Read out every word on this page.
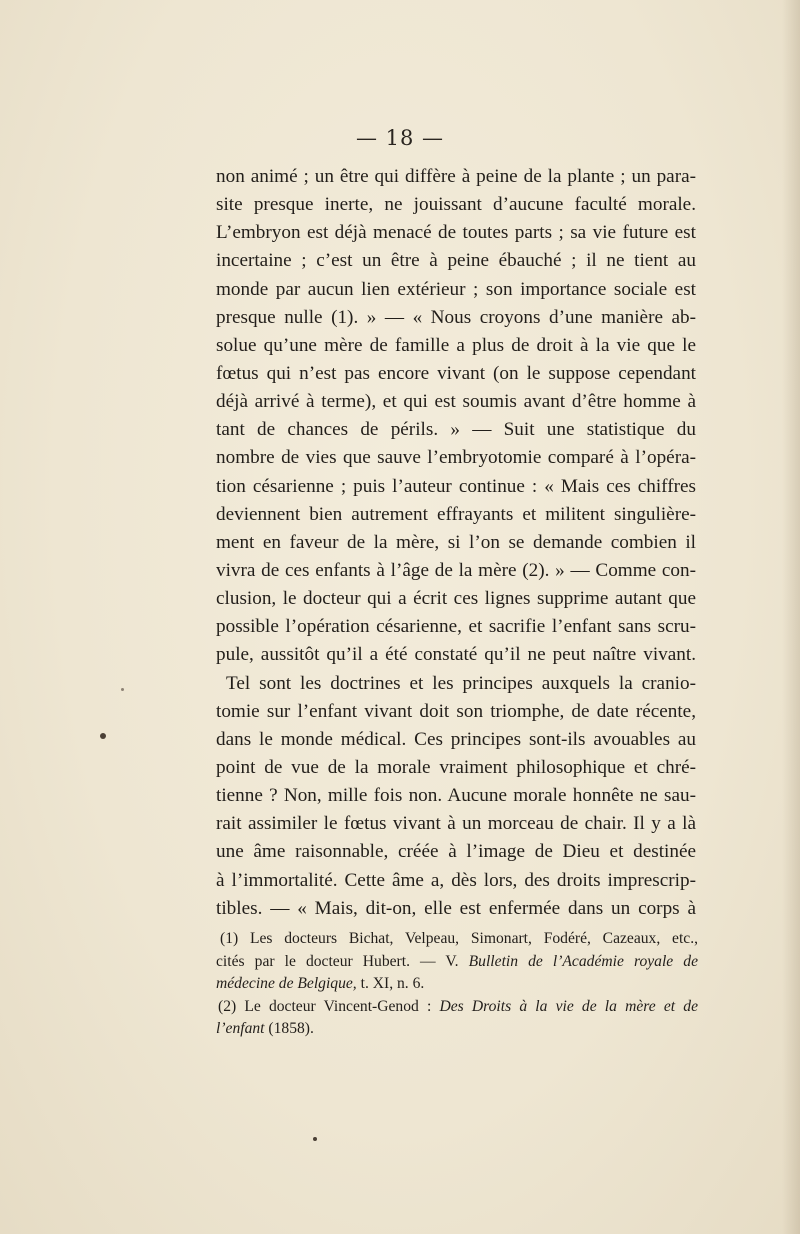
— 18 —
non animé ; un être qui diffère à peine de la plante ; un para-
site presque inerte, ne jouissant d’aucune faculté morale.
L’embryon est déjà menacé de toutes parts ; sa vie future est
incertaine ; c’est un être à peine ébauché ; il ne tient au
monde par aucun lien extérieur ; son importance sociale est
presque nulle (1). » — « Nous croyons d’une manière ab-
solue qu’une mère de famille a plus de droit à la vie que le
fœtus qui n’est pas encore vivant (on le suppose cependant
déjà arrivé à terme), et qui est soumis avant d’être homme à
tant de chances de périls. » — Suit une statistique du
nombre de vies que sauve l’embryotomie comparé à l’opéra-
tion césarienne ; puis l’auteur continue : « Mais ces chiffres
deviennent bien autrement effrayants et militent singulière-
ment en faveur de la mère, si l’on se demande combien il
vivra de ces enfants à l’âge de la mère (2). » — Comme con-
clusion, le docteur qui a écrit ces lignes supprime autant que
possible l’opération césarienne, et sacrifie l’enfant sans scru-
pule, aussitôt qu’il a été constaté qu’il ne peut naître vivant.
Tel sont les doctrines et les principes auxquels la cranio-
tomie sur l’enfant vivant doit son triomphe, de date récente,
dans le monde médical. Ces principes sont-ils avouables au
point de vue de la morale vraiment philosophique et chré-
tienne ? Non, mille fois non. Aucune morale honnête ne sau-
rait assimiler le fœtus vivant à un morceau de chair. Il y a là
une âme raisonnable, créée à l’image de Dieu et destinée
à l’immortalité. Cette âme a, dès lors, des droits imprescrip-
tibles. — « Mais, dit-on, elle est enfermée dans un corps à
(1) Les docteurs Bichat, Velpeau, Simonart, Fodéré, Cazeaux, etc.,
cités par le docteur Hubert. — V. Bulletin de l’Académie royale de
médecine de Belgique, t. XI, n. 6.
(2) Le docteur Vincent-Genod : Des Droits à la vie de la mère et de
l’enfant (1858).
